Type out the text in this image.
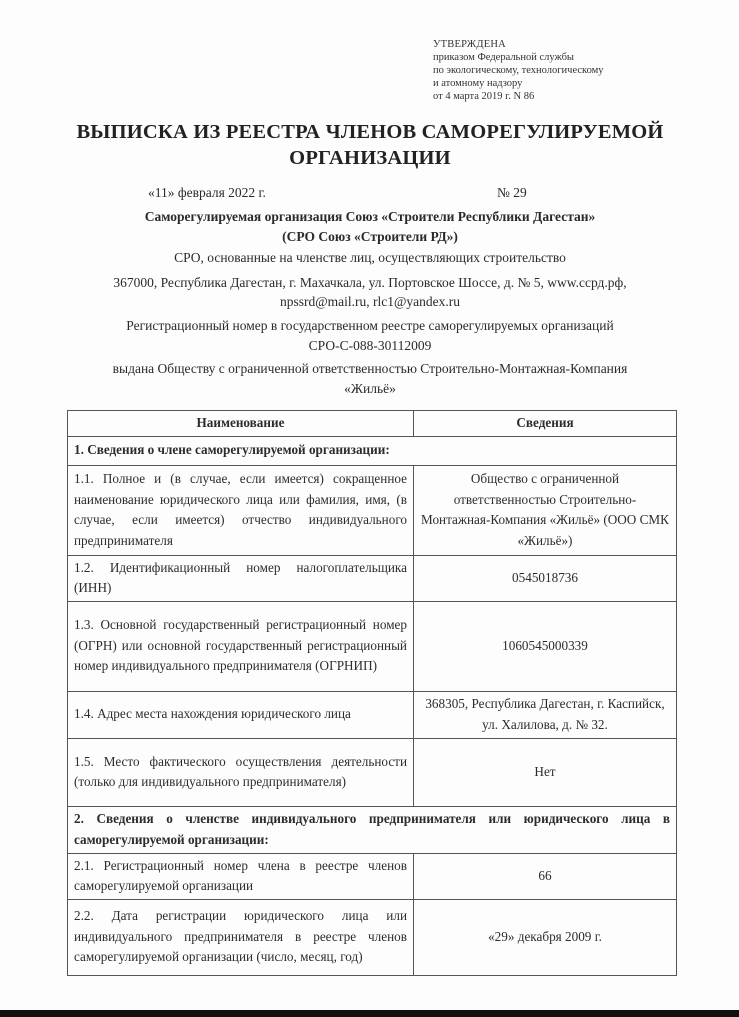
УТВЕРЖДЕНА
приказом Федеральной службы
по экологическому, технологическому
и атомному надзору
от 4 марта 2019 г. N 86
ВЫПИСКА ИЗ РЕЕСТРА ЧЛЕНОВ САМОРЕГУЛИРУЕМОЙ
ОРГАНИЗАЦИИ
«11» февраля 2022 г.	№ 29
Саморегулируемая организация Союз «Строители Республики Дагестан»
(СРО Союз «Строители РД»)
СРО, основанные на членстве лиц, осуществляющих строительство
367000, Республика Дагестан, г. Махачкала, ул. Портовское Шоссе, д. № 5, www.ccрд.рф,
npssrd@mail.ru, rlc1@yandex.ru
Регистрационный номер в государственном реестре саморегулируемых организаций
СРО-С-088-30112009
выдана Обществу с ограниченной ответственностью Строительно-Монтажная-Компания
«Жильё»
Наименование	Сведения
1. Сведения о члене саморегулируемой организации:	
1.1. Полное и (в случае, если имеется) сокращенное наименование юридического лица или фамилия, имя, (в случае, если имеется) отчество индивидуального предпринимателя	Общество с ограниченной ответственностью Строительно-Монтажная-Компания «Жильё» (ООО СМК «Жильё»)
1.2. Идентификационный номер налогоплательщика (ИНН)	0545018736
1.3. Основной государственный регистрационный номер (ОГРН) или основной государственный регистрационный номер индивидуального предпринимателя (ОГРНИП)	1060545000339
1.4. Адрес места нахождения юридического лица	368305, Республика Дагестан, г. Каспийск, ул. Халилова, д. № 32.
1.5. Место фактического осуществления деятельности (только для индивидуального предпринимателя)	Нет
2. Сведения о членстве индивидуального предпринимателя или юридического лица в саморегулируемой организации:	
2.1. Регистрационный номер члена в реестре членов саморегулируемой организации	66
2.2. Дата регистрации юридического лица или индивидуального предпринимателя в реестре членов саморегулируемой организации (число, месяц, год)	«29» декабря 2009 г.
